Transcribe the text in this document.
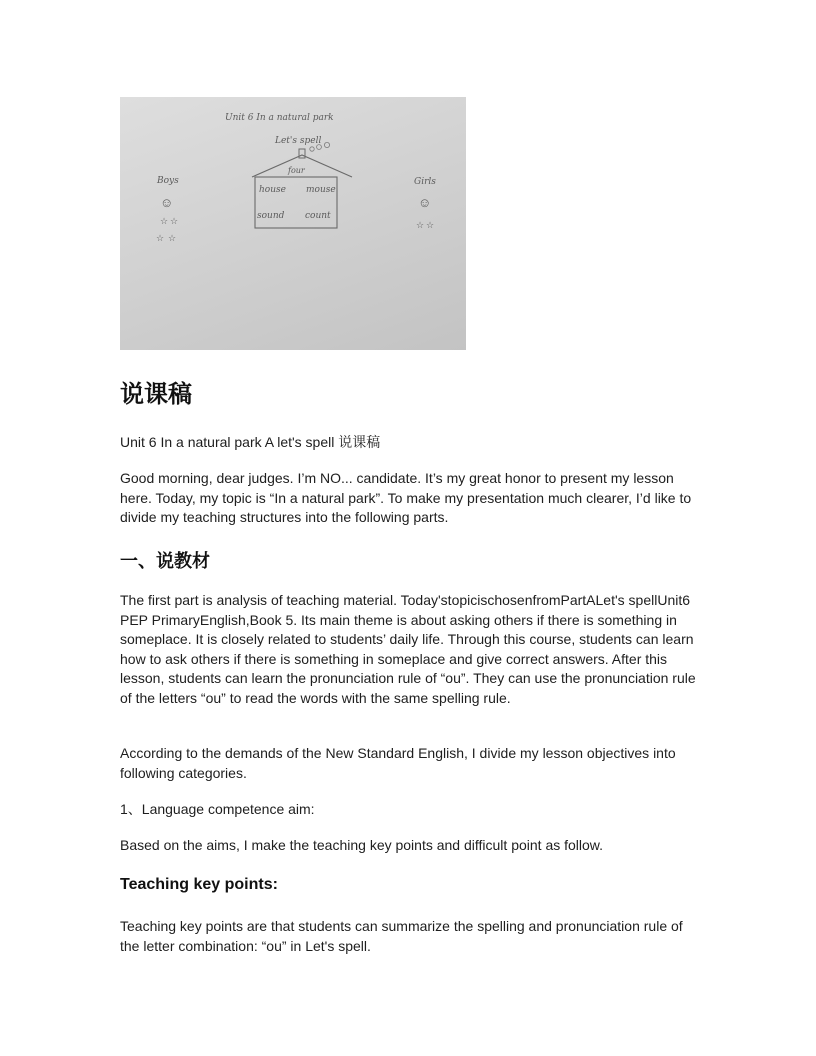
Unit 6 In a natural park
Let's spell
four
house mouse
sound count
Boys
☺
☆ ☆
☆ ☆
Girls
☺
☆ ☆
说课稿

Unit 6 In a natural park A let's spell 说课稿

Good morning, dear judges. I’m NO... candidate. It’s my great honor to present my lesson here. Today, my topic is “In a natural park”. To make my presentation much clearer, I’d like to divide my teaching structures into the following parts.

一、说教材

The first part is analysis of teaching material. Today'stopicischosenfromPartALet's spellUnit6 PEP PrimaryEnglish,Book 5. Its main theme is about asking others if there is something in someplace. It is closely related to students’ daily life. Through this course, students can learn how to ask others if there is something in someplace and give correct answers. After this lesson, students can learn the pronunciation rule of “ou”. They can use the pronunciation rule of the letters “ou” to read the words with the same spelling rule.

According to the demands of the New Standard English, I divide my lesson objectives into following categories.

1、Language competence aim:

Based on the aims, I make the teaching key points and difficult point as follow.

Teaching key points:

Teaching key points are that students can summarize the spelling and pronunciation rule of the letter combination: “ou” in Let's spell.
